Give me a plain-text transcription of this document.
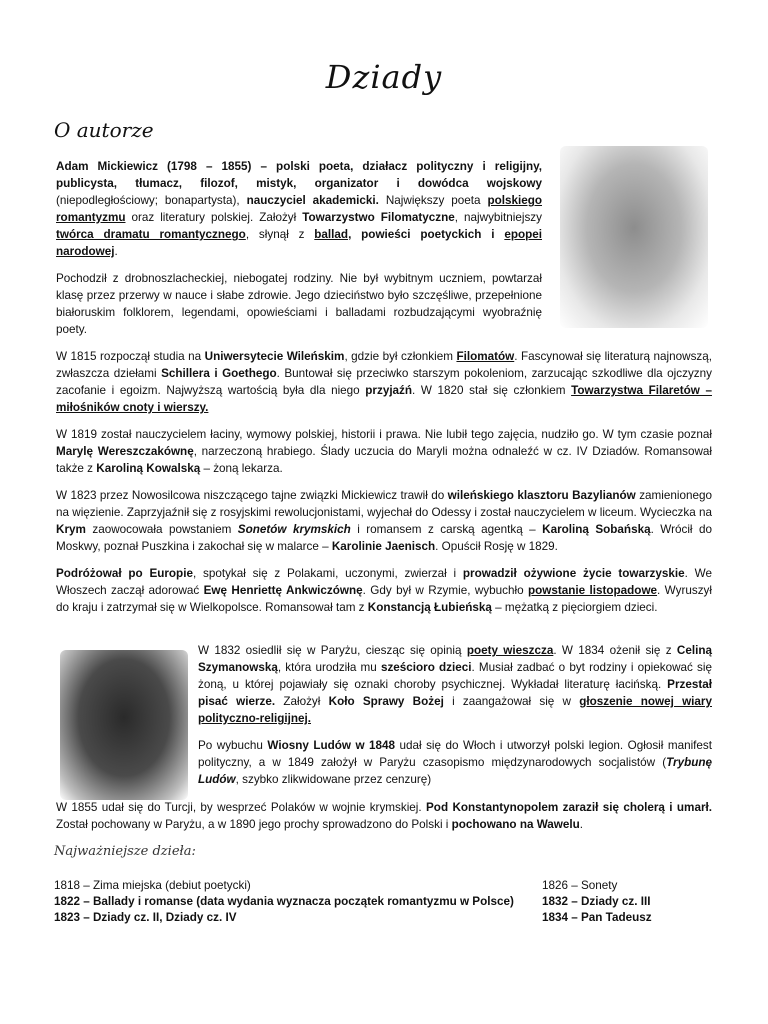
Dziady
O autorze

Adam Mickiewicz (1798 – 1855) – polski poeta, działacz polityczny i religijny, publicysta, tłumacz, filozof, mistyk, organizator i dowódca wojskowy (niepodległościowy; bonapartysta), nauczyciel akademicki. Największy poeta polskiego romantyzmu oraz literatury polskiej. Założył Towarzystwo Filomatyczne, najwybitniejszy twórca dramatu romantycznego, słynął z ballad, powieści poetyckich i epopei narodowej.

Pochodził z drobnoszlacheckiej, niebogatej rodziny. Nie był wybitnym uczniem, powtarzał klasę przez przerwy w nauce i słabe zdrowie. Jego dzieciństwo było szczęśliwe, przepełnione białoruskim folklorem, legendami, opowieściami i balladami rozbudzającymi wyobraźnię poety.

W 1815 rozpoczął studia na Uniwersytecie Wileńskim, gdzie był członkiem Filomatów. Fascynował się literaturą najnowszą, zwłaszcza dziełami Schillera i Goethego. Buntował się przeciwko starszym pokoleniom, zarzucając szkodliwe dla ojczyzny zacofanie i egoizm. Najwyższą wartością była dla niego przyjaźń. W 1820 stał się członkiem Towarzystwa Filaretów – miłośników cnoty i wierszy.

W 1819 został nauczycielem łaciny, wymowy polskiej, historii i prawa. Nie lubił tego zajęcia, nudziło go. W tym czasie poznał Marylę Wereszczakównę, narzeczoną hrabiego. Ślady uczucia do Maryli można odnaleźć w cz. IV Dziadów. Romansował także z Karoliną Kowalską – żoną lekarza.

W 1823 przez Nowosilcowa niszczącego tajne związki Mickiewicz trawił do wileńskiego klasztoru Bazylianów zamienionego na więzienie. Zaprzyjaźnił się z rosyjskimi rewolucjonistami, wyjechał do Odessy i został nauczycielem w liceum. Wycieczka na Krym zaowocowała powstaniem Sonetów krymskich i romansem z carską agentką – Karoliną Sobańską. Wrócił do Moskwy, poznał Puszkina i zakochał się w malarce – Karolinie Jaenisch. Opuścił Rosję w 1829.

Podróżował po Europie, spotykał się z Polakami, uczonymi, zwierzał i prowadził ożywione życie towarzyskie. We Włoszech zaczął adorować Ewę Henriettę Ankwiczównę. Gdy był w Rzymie, wybuchło powstanie listopadowe. Wyruszył do kraju i zatrzymał się w Wielkopolsce. Romansował tam z Konstancją Łubieńską – mężatką z pięciorgiem dzieci.

W 1832 osiedlił się w Paryżu, ciesząc się opinią poety wieszcza. W 1834 ożenił się z Celiną Szymanowską, która urodziła mu sześcioro dzieci. Musiał zadbać o byt rodziny i opiekować się żoną, u której pojawiały się oznaki choroby psychicznej. Wykładał literaturę łacińską. Przestał pisać wierze. Założył Koło Sprawy Bożej i zaangażował się w głoszenie nowej wiary polityczno-religijnej.

Po wybuchu Wiosny Ludów w 1848 udał się do Włoch i utworzył polski legion. Ogłosił manifest polityczny, a w 1849 założył w Paryżu czasopismo międzynarodowych socjalistów (Trybunę Ludów, szybko zlikwidowane przez cenzurę)

W 1855 udał się do Turcji, by wesprzeć Polaków w wojnie krymskiej. Pod Konstantynopolem zaraził się cholerą i umarł. Został pochowany w Paryżu, a w 1890 jego prochy sprowadzono do Polski i pochowano na Wawelu.

Najważniejsze dzieła:
1818 – Zima miejska (debiut poetycki)
1822 – Ballady i romanse (data wydania wyznacza początek romantyzmu w Polsce)
1823 – Dziady cz. II, Dziady cz. IV
1826 – Sonety
1832 – Dziady cz. III
1834 – Pan Tadeusz
